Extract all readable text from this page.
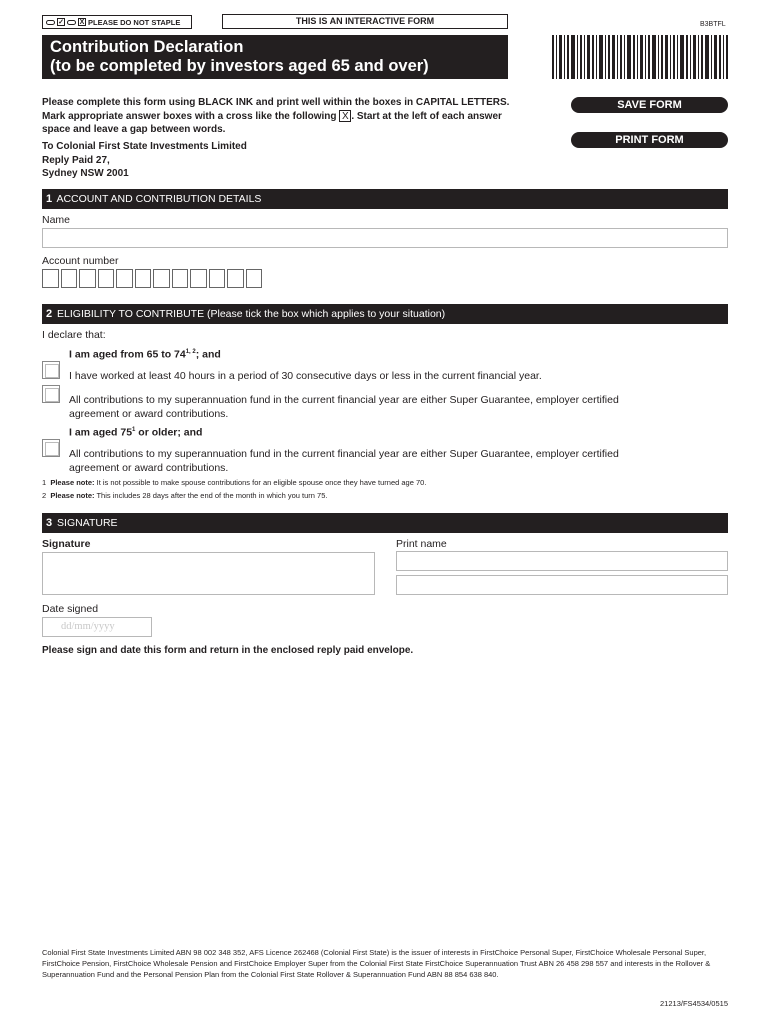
✓ X PLEASE DO NOT STAPLE	THIS IS AN INTERACTIVE FORM	B3BTFL
Contribution Declaration
(to be completed by investors aged 65 and over)
Please complete this form using BLACK INK and print well within the boxes in CAPITAL LETTERS.
Mark appropriate answer boxes with a cross like the following X . Start at the left of each answer
space and leave a gap between words.
To Colonial First State Investments Limited
Reply Paid 27,
Sydney NSW 2001
SAVE FORM
PRINT FORM
1 ACCOUNT AND CONTRIBUTION DETAILS
Name
Account number
2 ELIGIBILITY TO CONTRIBUTE (Please tick the box which applies to your situation)
I declare that:
I am aged from 65 to 74$^{1, 2}$; and
I have worked at least 40 hours in a period of 30 consecutive days or less in the current financial year.
All contributions to my superannuation fund in the current financial year are either Super Guarantee, employer certified
agreement or award contributions.
I am aged $75^1$ or older; and
All contributions to my superannuation fund in the current financial year are either Super Guarantee, employer certified
agreement or award contributions.
1 Please note: It is not possible to make spouse contributions for an eligible spouse once they have turned age 70.
2 Please note: This includes 28 days after the end of the month in which you turn 75.
3 SIGNATURE
Signature	Print name
Date signed
dd/mm/yyyy
Please sign and date this form and return in the enclosed reply paid envelope.
Colonial First State Investments Limited ABN 98 002 348 352, AFS Licence 262468 (Colonial First State) is the issuer of interests in FirstChoice Personal Super, FirstChoice Wholesale Personal Super, FirstChoice Pension, FirstChoice Wholesale Pension and FirstChoice Employer Super from the Colonial First State FirstChoice Superannuation Trust ABN 26 458 298 557 and interests in the Rollover & Superannuation Fund and the Personal Pension Plan from the Colonial First State Rollover & Superannuation Fund ABN 88 854 638 840.
21213/FS4534/0515
